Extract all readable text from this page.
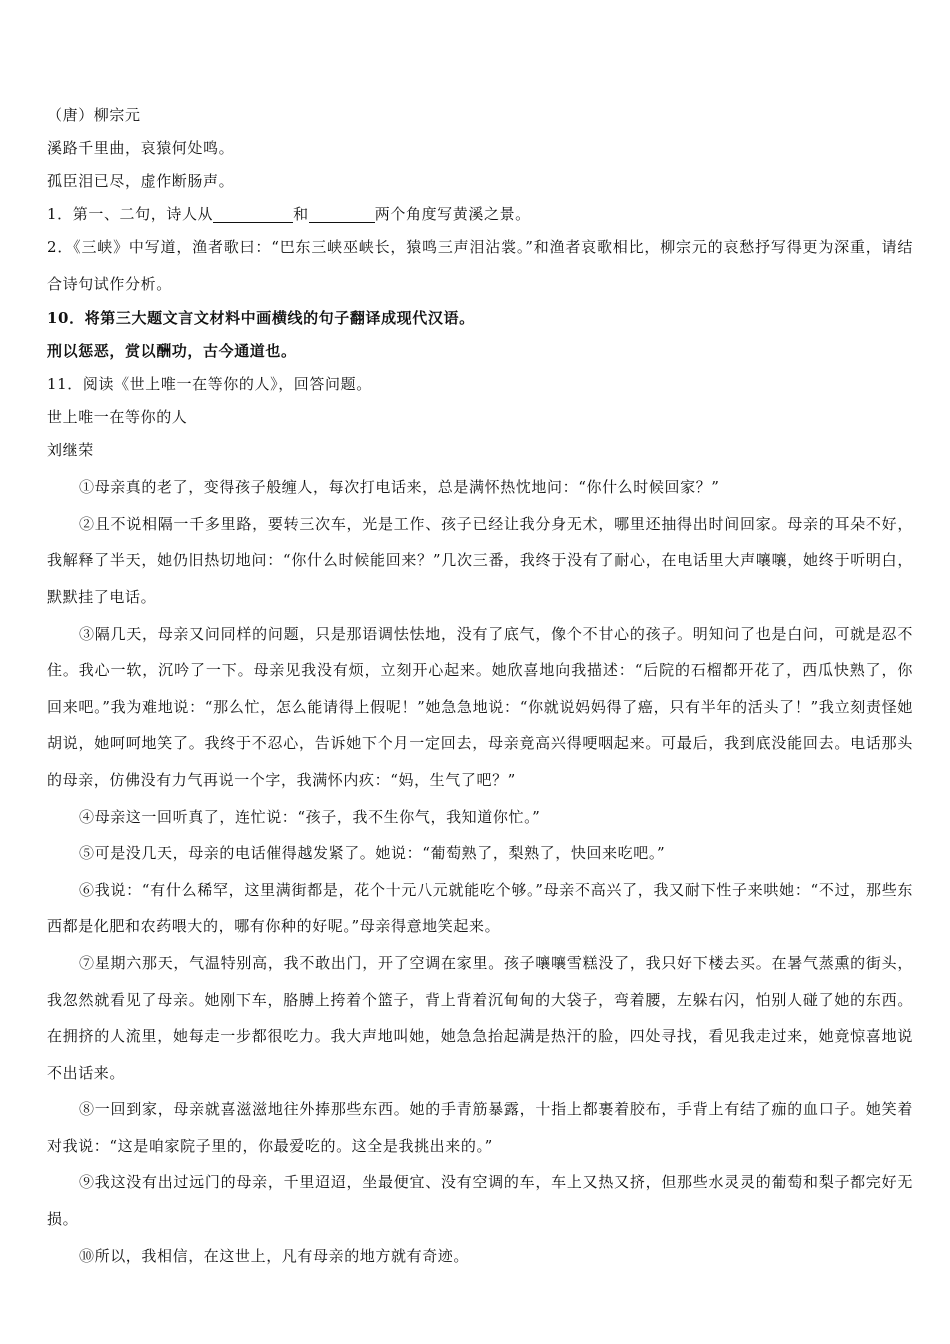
（唐）柳宗元
溪路千里曲，哀猿何处鸣。
孤臣泪已尽，虚作断肠声。
1．第一、二句，诗人从	和	两个角度写黄溪之景。

2．《三峡》中写道，渔者歌曰：“巴东三峡巫峡长，猿鸣三声泪沾裳。”和渔者哀歌相比，柳宗元的哀愁抒写得更为深重，请结合诗句试作分析。

10．将第三大题文言文材料中画横线的句子翻译成现代汉语。
刑以惩恶，赏以酬功，古今通道也。
11．阅读《世上唯一在等你的人》，回答问题。
世上唯一在等你的人
刘继荣

①母亲真的老了，变得孩子般缠人，每次打电话来，总是满怀热忱地问：“你什么时候回家？”

②且不说相隔一千多里路，要转三次车，光是工作、孩子已经让我分身无术，哪里还抽得出时间回家。母亲的耳朵不好，我解释了半天，她仍旧热切地问：“你什么时候能回来？”几次三番，我终于没有了耐心，在电话里大声嚷嚷，她终于听明白，默默挂了电话。

③隔几天，母亲又问同样的问题，只是那语调怯怯地，没有了底气，像个不甘心的孩子。明知问了也是白问，可就是忍不住。我心一软，沉吟了一下。母亲见我没有烦，立刻开心起来。她欣喜地向我描述：“后院的石榴都开花了，西瓜快熟了，你回来吧。”我为难地说：“那么忙，怎么能请得上假呢！”她急急地说：“你就说妈妈得了癌，只有半年的活头了！”我立刻责怪她胡说，她呵呵地笑了。我终于不忍心，告诉她下个月一定回去，母亲竟高兴得哽咽起来。可最后，我到底没能回去。电话那头的母亲，仿佛没有力气再说一个字，我满怀内疚：“妈，生气了吧？”

④母亲这一回听真了，连忙说：“孩子，我不生你气，我知道你忙。”

⑤可是没几天，母亲的电话催得越发紧了。她说：“葡萄熟了，梨熟了，快回来吃吧。”

⑥我说：“有什么稀罕，这里满街都是，花个十元八元就能吃个够。”母亲不高兴了，我又耐下性子来哄她：“不过，那些东西都是化肥和农药喂大的，哪有你种的好呢。”母亲得意地笑起来。

⑦星期六那天，气温特别高，我不敢出门，开了空调在家里。孩子嚷嚷雪糕没了，我只好下楼去买。在暑气蒸熏的街头，我忽然就看见了母亲。她刚下车，胳膊上挎着个篮子，背上背着沉甸甸的大袋子，弯着腰，左躲右闪，怕别人碰了她的东西。在拥挤的人流里，她每走一步都很吃力。我大声地叫她，她急急抬起满是热汗的脸，四处寻找，看见我走过来，她竟惊喜地说不出话来。

⑧一回到家，母亲就喜滋滋地往外捧那些东西。她的手青筋暴露，十指上都裹着胶布，手背上有结了痂的血口子。她笑着对我说：“这是咱家院子里的，你最爱吃的。这全是我挑出来的。”

⑨我这没有出过远门的母亲，千里迢迢，坐最便宜、没有空调的车，车上又热又挤，但那些水灵灵的葡萄和梨子都完好无损。

⑩所以，我相信，在这世上，凡有母亲的地方就有奇迹。
